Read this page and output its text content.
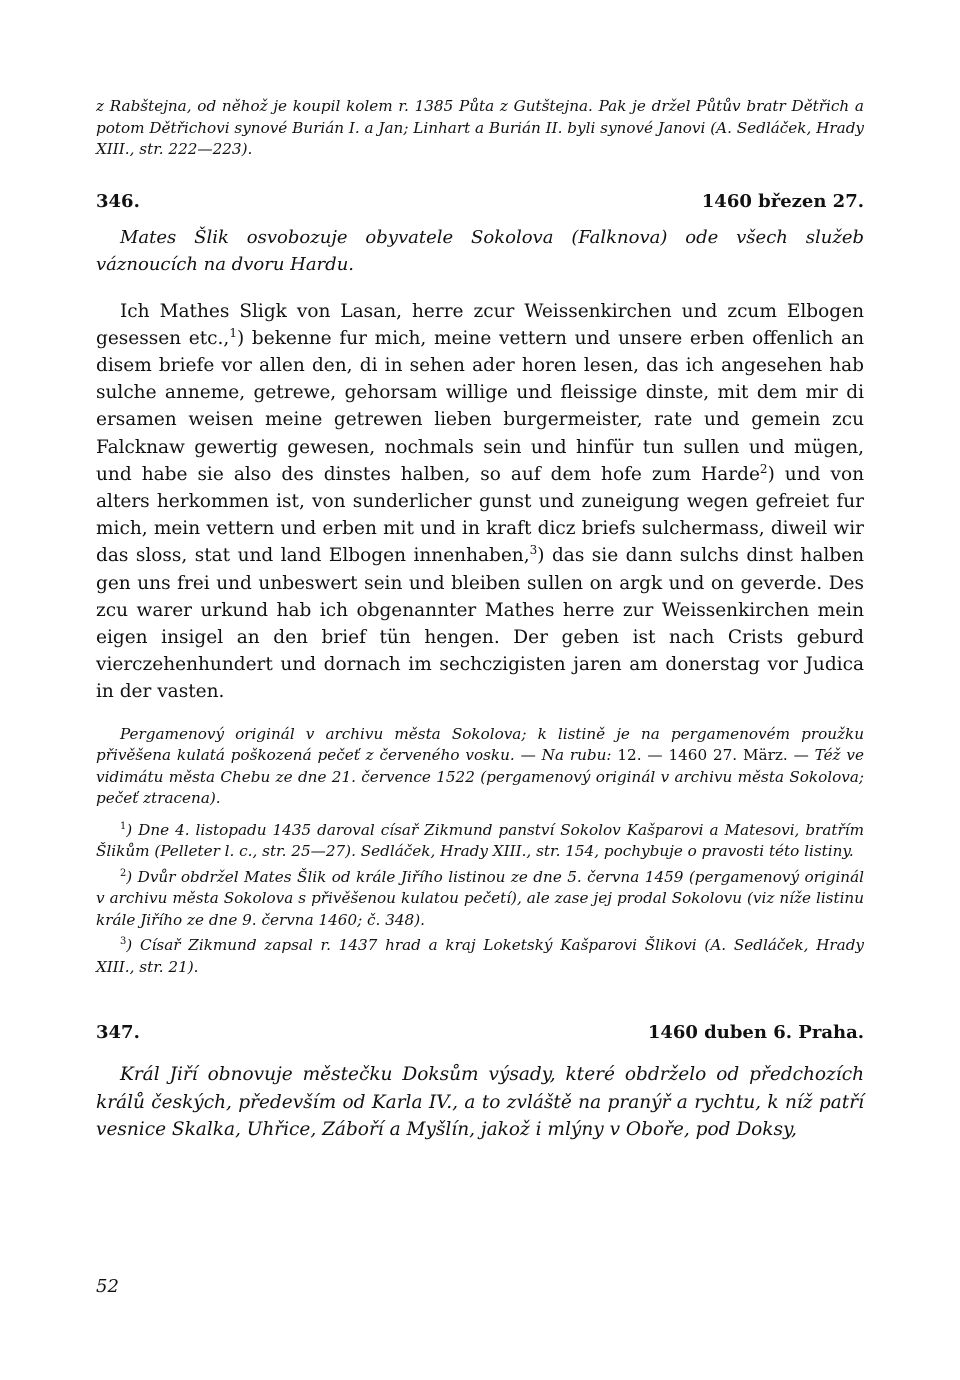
z Rabštejna, od něhož je koupil kolem r. 1385 Půta z Gutštejna. Pak je držel Půtův bratr Dětřich a potom Dětřichovi synové Burián I. a Jan; Linhart a Burián II. byli synové Janovi (A. Sedláček, Hrady XIII., str. 222—223).

346.	1460 březen 27.

Mates Šlik osvobozuje obyvatele Sokolova (Falknova) ode všech služeb váznoucích na dvoru Hardu.

Ich Mathes Sligk von Lasan, herre zcur Weissenkirchen und zcum Elbogen gesessen etc.,$^1$) bekenne fur mich, meine vettern und unsere erben offenlich an disem briefe vor allen den, di in sehen ader horen lesen, das ich angesehen hab sulche anneme, getrewe, gehorsam willige und fleissige dinste, mit dem mir di ersamen weisen meine getrewen lieben burgermeister, rate und gemein zcu Falcknaw gewertig gewesen, nochmals sein und hinfür tun sullen und mügen, und habe sie also des dinstes halben, so auf dem hofe zum Harde$^2$) und von alters herkommen ist, von sunderlicher gunst und zuneigung wegen gefreiet fur mich, mein vettern und erben mit und in kraft dicz briefs sulchermass, diweil wir das sloss, stat und land Elbogen innenhaben,$^3$) das sie dann sulchs dinst halben gen uns frei und unbeswert sein und bleiben sullen on argk und on geverde. Des zcu warer urkund hab ich obgenannter Mathes herre zur Weissenkirchen mein eigen insigel an den brief tün hengen. Der geben ist nach Crists geburd vierczehenhundert und dornach im sechczigisten jaren am donerstag vor Judica in der vasten.

Pergamenový originál v archivu města Sokolova; k listině je na pergamenovém proužku přivěšena kulatá poškozená pečeť z červeného vosku. — Na rubu: 12. — 1460 27. März. — Též ve vidimátu města Chebu ze dne 21. července 1522 (pergamenový originál v archivu města Sokolova; pečeť ztracena).

$^1$) Dne 4. listopadu 1435 daroval císař Zikmund panství Sokolov Kašparovi a Matesovi, bratřím Šlikům (Pelleter l. c., str. 25—27). Sedláček, Hrady XIII., str. 154, pochybuje o pravosti této listiny.

$^2$) Dvůr obdržel Mates Šlik od krále Jiřího listinou ze dne 5. června 1459 (pergamenový originál v archivu města Sokolova s přivěšenou kulatou pečetí), ale zase jej prodal Sokolovu (viz níže listinu krále Jiřího ze dne 9. června 1460; č. 348).

$^3$) Císař Zikmund zapsal r. 1437 hrad a kraj Loketský Kašparovi Šlikovi (A. Sedláček, Hrady XIII., str. 21).

347.	1460 duben 6. Praha.

Král Jiří obnovuje městečku Doksům výsady, které obdrželo od předchozích králů českých, především od Karla IV., a to zvláště na pranýř a rychtu, k níž patří vesnice Skalka, Uhřice, Záboří a Myšlín, jakož i mlýny v Oboře, pod Doksy,

52
